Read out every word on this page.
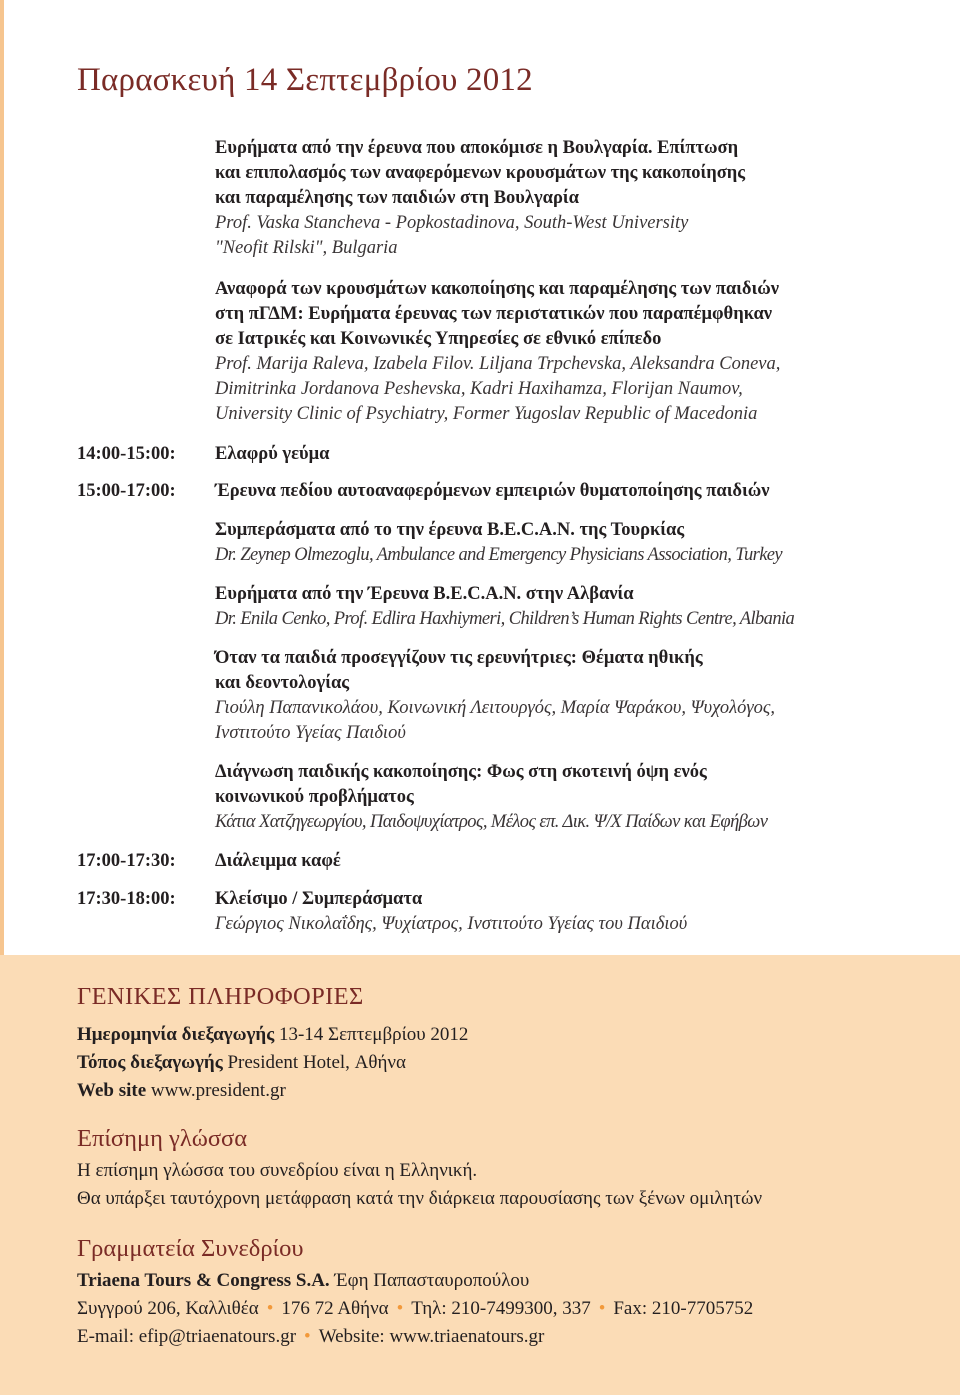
Παρασκευή 14 Σεπτεμβρίου 2012
Ευρήματα από την έρευνα που αποκόμισε η Βουλγαρία. Επίπτωση
και επιπολασμός των αναφερόμενων κρουσμάτων της κακοποίησης
και παραμέλησης των παιδιών στη Βουλγαρία
Prof. Vaska Stancheva - Popkostadinova, South-West University
"Neofit Rilski", Bulgaria
Αναφορά των κρουσμάτων κακοποίησης και παραμέλησης των παιδιών
στη πΓΔΜ: Ευρήματα έρευνας των περιστατικών που παραπέμφθηκαν
σε Ιατρικές και Κοινωνικές Υπηρεσίες σε εθνικό επίπεδο
Prof. Marija Raleva, Izabela Filov. Liljana Trpchevska, Aleksandra Coneva,
Dimitrinka Jordanova Peshevska, Kadri Haxihamza, Florijan Naumov,
University Clinic of Psychiatry, Former Yugoslav Republic of Macedonia
14:00-15:00: Ελαφρύ γεύμα
15:00-17:00: Έρευνα πεδίου αυτοαναφερόμενων εμπειριών θυματοποίησης παιδιών
Συμπεράσματα από το την έρευνα B.E.C.A.N. της Τουρκίας
Dr. Zeynep Olmezoglu, Ambulance and Emergency Physicians Association, Turkey
Ευρήματα από την Έρευνα B.E.C.A.N. στην Αλβανία
Dr. Enila Cenko, Prof. Edlira Haxhiymeri, Children’s Human Rights Centre, Albania
Όταν τα παιδιά προσεγγίζουν τις ερευνήτριες: Θέματα ηθικής
και δεοντολογίας
Γιούλη Παπανικολάου, Κοινωνική Λειτουργός, Μαρία Ψαράκου, Ψυχολόγος,
Ινστιτούτο Υγείας Παιδιού
Διάγνωση παιδικής κακοποίησης: Φως στη σκοτεινή όψη ενός
κοινωνικού προβλήματος
Κάτια Χατζηγεωργίου, Παιδοψυχίατρος, Μέλος επ. Δικ. Ψ/Χ Παίδων και Εφήβων
17:00-17:30: Διάλειμμα καφέ
17:30-18:00: Κλείσιμο / Συμπεράσματα
Γεώργιος Νικολαΐδης, Ψυχίατρος, Ινστιτούτο Υγείας του Παιδιού
ΓΕΝΙΚΕΣ ΠΛΗΡΟΦΟΡΙΕΣ
Ημερομηνία διεξαγωγής 13-14 Σεπτεμβρίου 2012
Τόπος διεξαγωγής President Hotel, Αθήνα
Web site www.president.gr
Επίσημη γλώσσα
Η επίσημη γλώσσα του συνεδρίου είναι η Ελληνική.
Θα υπάρξει ταυτόχρονη μετάφραση κατά την διάρκεια παρουσίασης των ξένων ομιλητών
Γραμματεία Συνεδρίου
Triaena Tours & Congress S.A. Έφη Παπασταυροπούλου
Συγγρού 206, Καλλιθέα • 176 72 Αθήνα • Τηλ: 210-7499300, 337 • Fax: 210-7705752
E-mail: efip@triaenatours.gr • Website: www.triaenatours.gr
